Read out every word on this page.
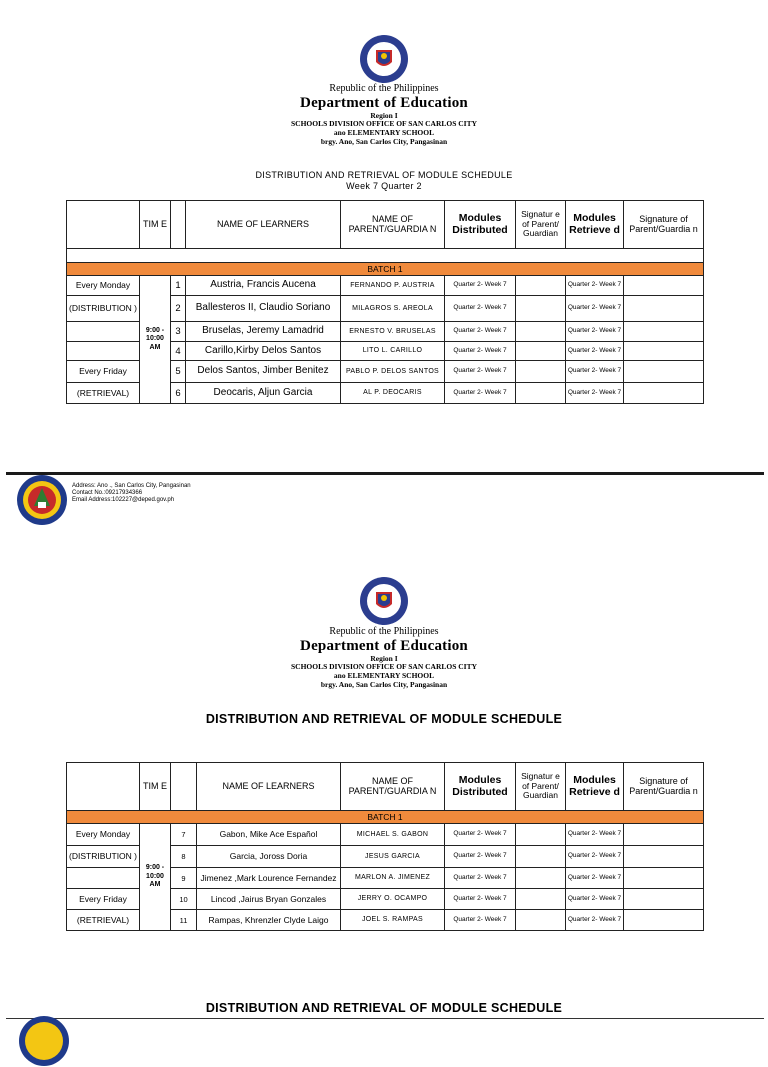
Republic of the Philippines
Department of Education
Region I
SCHOOLS DIVISION OFFICE OF SAN CARLOS CITY
ano ELEMENTARY SCHOOL
brgy. Ano, San Carlos City, Pangasinan
DISTRIBUTION AND RETRIEVAL OF MODULE SCHEDULE
Week 7 Quarter 2
	TIM E		NAME OF LEARNERS	NAME OF PARENT/GUARDIA N	Modules Distributed	Signatur e of Parent/ Guardian	Modules Retrieve d	Signature of Parent/Guardia n

BATCH 1								
Every Monday	9:00 - 10:00 AM	1	Austria, Francis Aucena	FERNANDO P. AUSTRIA	Quarter 2- Week 7		Quarter 2- Week 7	
(DISTRIBUTION )		2	Ballesteros II, Claudio Soriano	MILAGROS S. AREOLA	Quarter 2- Week 7		Quarter 2- Week 7	
		3	Bruselas, Jeremy Lamadrid	ERNESTO V. BRUSELAS	Quarter 2- Week 7		Quarter 2- Week 7	
		4	Carillo,Kirby Delos Santos	LITO L. CARILLO	Quarter 2- Week 7		Quarter 2- Week 7	
Every Friday		5	Delos Santos, Jimber Benitez	PABLO P. DELOS SANTOS	Quarter 2- Week 7		Quarter 2- Week 7	
(RETRIEVAL)		6	Deocaris, Aljun Garcia	AL P. DEOCARIS	Quarter 2- Week 7		Quarter 2- Week 7	
Address: Ano ., San Carlos City, Pangasinan
Contact No.:09217934366
Email Address:102227@deped.gov.ph
Republic of the Philippines
Department of Education
Region I
SCHOOLS DIVISION OFFICE OF SAN CARLOS CITY
ano ELEMENTARY SCHOOL
brgy. Ano, San Carlos City, Pangasinan
DISTRIBUTION AND RETRIEVAL OF MODULE SCHEDULE
	TIM E		NAME OF LEARNERS	NAME OF PARENT/GUARDIA N	Modules Distributed	Signatur e of Parent/ Guardian	Modules Retrieve d	Signature of Parent/Guardia n
BATCH 1								
Every Monday	9:00 - 10:00 AM	7	Gabon, Mike Ace Español	MICHAEL S. GABON	Quarter 2- Week 7		Quarter 2- Week 7	
(DISTRIBUTION )		8	Garcia, Joross Doria	JESUS GARCIA	Quarter 2- Week 7		Quarter 2- Week 7	
		9	Jimenez ,Mark Lourence Fernandez	MARLON A. JIMENEZ	Quarter 2- Week 7		Quarter 2- Week 7	
Every Friday		10	Lincod ,Jairus Bryan Gonzales	JERRY O. OCAMPO	Quarter 2- Week 7		Quarter 2- Week 7	
(RETRIEVAL)		11	Rampas, Khrenzler Clyde Laigo	JOEL S. RAMPAS	Quarter 2- Week 7		Quarter 2- Week 7	
DISTRIBUTION AND RETRIEVAL OF MODULE SCHEDULE
